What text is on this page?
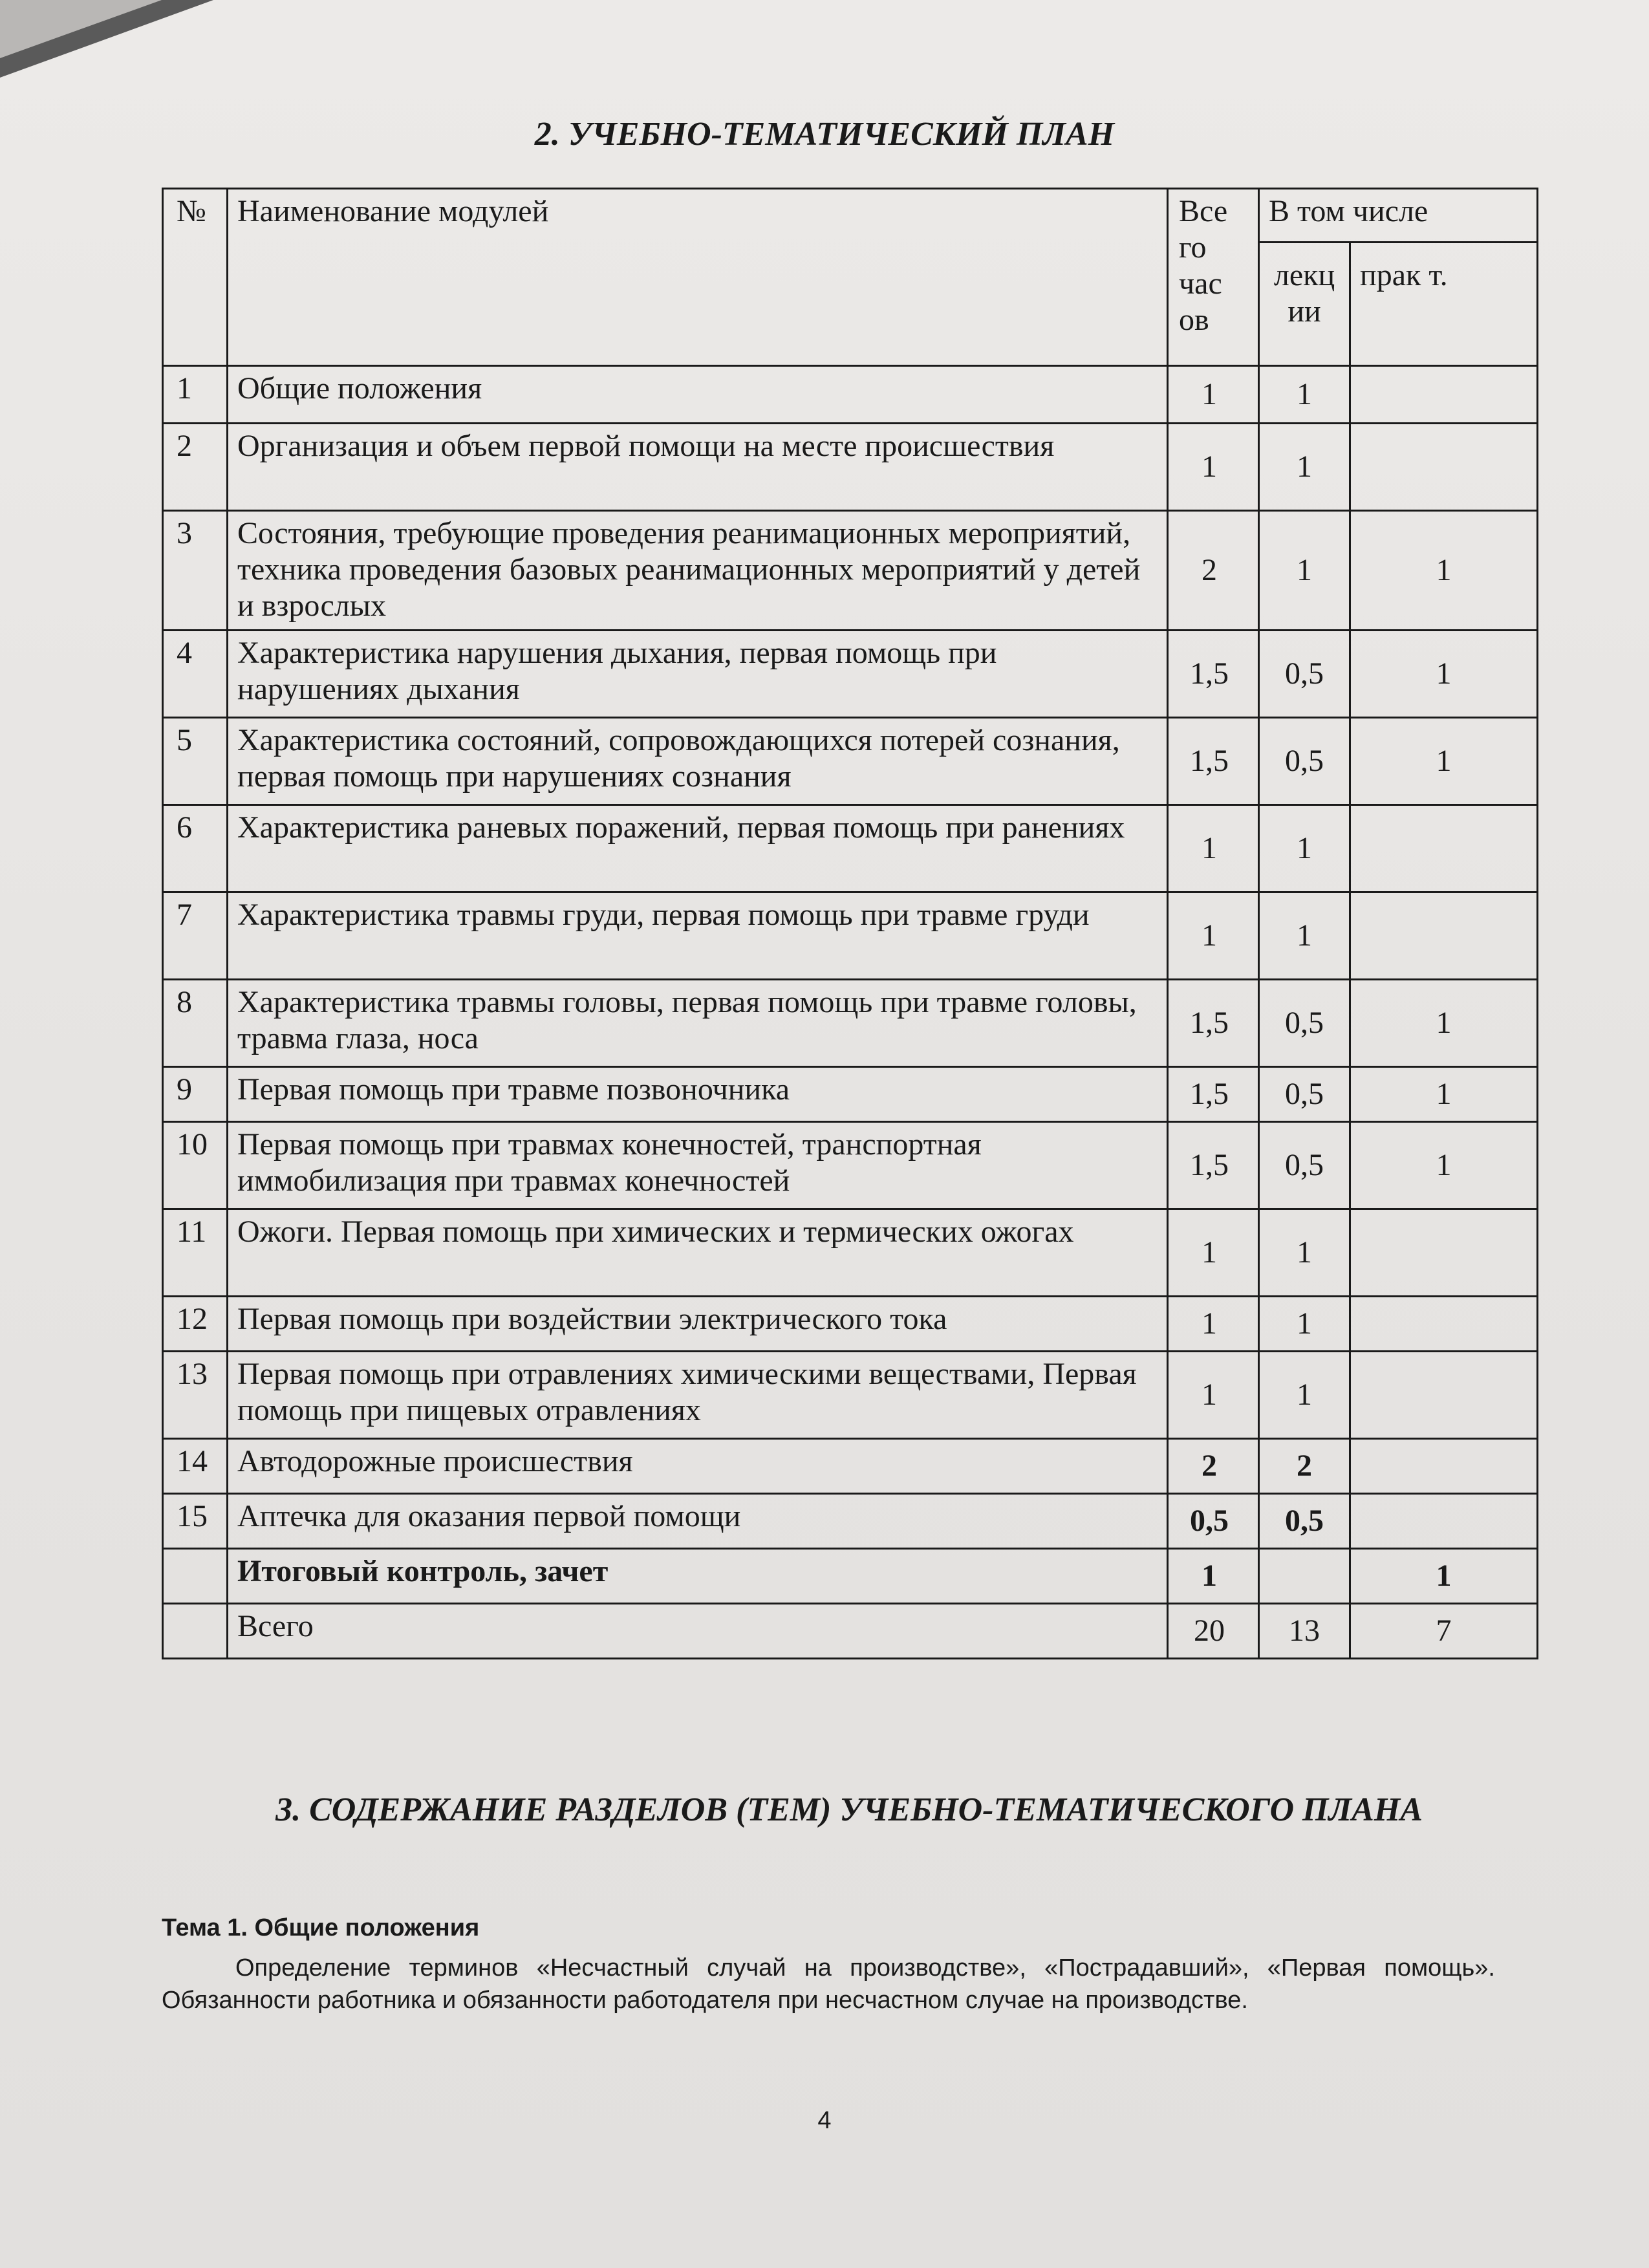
2. УЧЕБНО-ТЕМАТИЧЕСКИЙ ПЛАН
№	Наименование модулей	Все го час ов	В том числе	
			лекц ии	прак т.
1	Общие положения	1	1	
2	Организация и объем первой помощи на месте происшествия	1	1	
3	Состояния, требующие проведения реанимационных мероприятий, техника проведения базовых реанимационных мероприятий у детей и взрослых	2	1	1
4	Характеристика нарушения дыхания, первая помощь при нарушениях дыхания	1,5	0,5	1
5	Характеристика состояний, сопровождающихся потерей сознания, первая помощь при нарушениях сознания	1,5	0,5	1
6	Характеристика раневых поражений, первая помощь при ранениях	1	1	
7	Характеристика травмы груди, первая помощь при травме груди	1	1	
8	Характеристика травмы головы, первая помощь при травме головы, травма глаза, носа	1,5	0,5	1
9	Первая помощь при травме позвоночника	1,5	0,5	1
10	Первая помощь при травмах конечностей, транспортная иммобилизация при травмах конечностей	1,5	0,5	1
11	Ожоги. Первая помощь при химических и термических ожогах	1	1	
12	Первая помощь при воздействии электрического тока	1	1	
13	Первая помощь при отравлениях химическими веществами, Первая помощь при пищевых отравлениях	1	1	
14	Автодорожные происшествия	2	2	
15	Аптечка для оказания первой помощи	0,5	0,5	
	Итоговый контроль, зачет	1		1
	Всего	20	13	7
3. СОДЕРЖАНИЕ РАЗДЕЛОВ (ТЕМ) УЧЕБНО-ТЕМАТИЧЕСКОГО ПЛАНА
Тема 1. Общие положения
Определение терминов «Несчастный случай на производстве», «Пострадавший», «Первая помощь». Обязанности работника и обязанности работодателя при несчастном случае на производстве.
4
